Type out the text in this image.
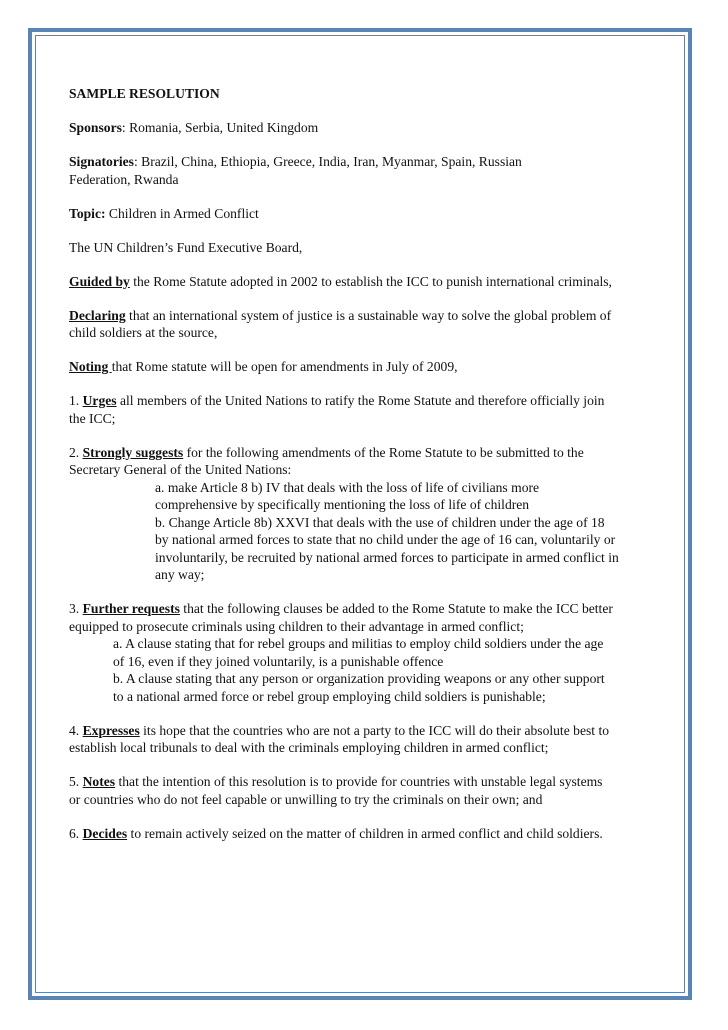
SAMPLE RESOLUTION

Sponsors: Romania, Serbia, United Kingdom

Signatories: Brazil, China, Ethiopia, Greece, India, Iran, Myanmar, Spain, Russian
Federation, Rwanda

Topic: Children in Armed Conflict

The UN Children’s Fund Executive Board,

Guided by the Rome Statute adopted in 2002 to establish the ICC to punish international criminals,

Declaring that an international system of justice is a sustainable way to solve the global problem of
child soldiers at the source,

Noting that Rome statute will be open for amendments in July of 2009,

1. Urges all members of the United Nations to ratify the Rome Statute and therefore officially join
the ICC;

2. Strongly suggests for the following amendments of the Rome Statute to be submitted to the
Secretary General of the United Nations:
a. make Article 8 b) IV that deals with the loss of life of civilians more
comprehensive by specifically mentioning the loss of life of children
b. Change Article 8b) XXVI that deals with the use of children under the age of 18
by national armed forces to state that no child under the age of 16 can, voluntarily or
involuntarily, be recruited by national armed forces to participate in armed conflict in
any way;

3. Further requests that the following clauses be added to the Rome Statute to make the ICC better
equipped to prosecute criminals using children to their advantage in armed conflict;
a. A clause stating that for rebel groups and militias to employ child soldiers under the age
of 16, even if they joined voluntarily, is a punishable offence
b. A clause stating that any person or organization providing weapons or any other support
to a national armed force or rebel group employing child soldiers is punishable;

4. Expresses its hope that the countries who are not a party to the ICC will do their absolute best to
establish local tribunals to deal with the criminals employing children in armed conflict;

5. Notes that the intention of this resolution is to provide for countries with unstable legal systems
or countries who do not feel capable or unwilling to try the criminals on their own; and

6. Decides to remain actively seized on the matter of children in armed conflict and child soldiers.
